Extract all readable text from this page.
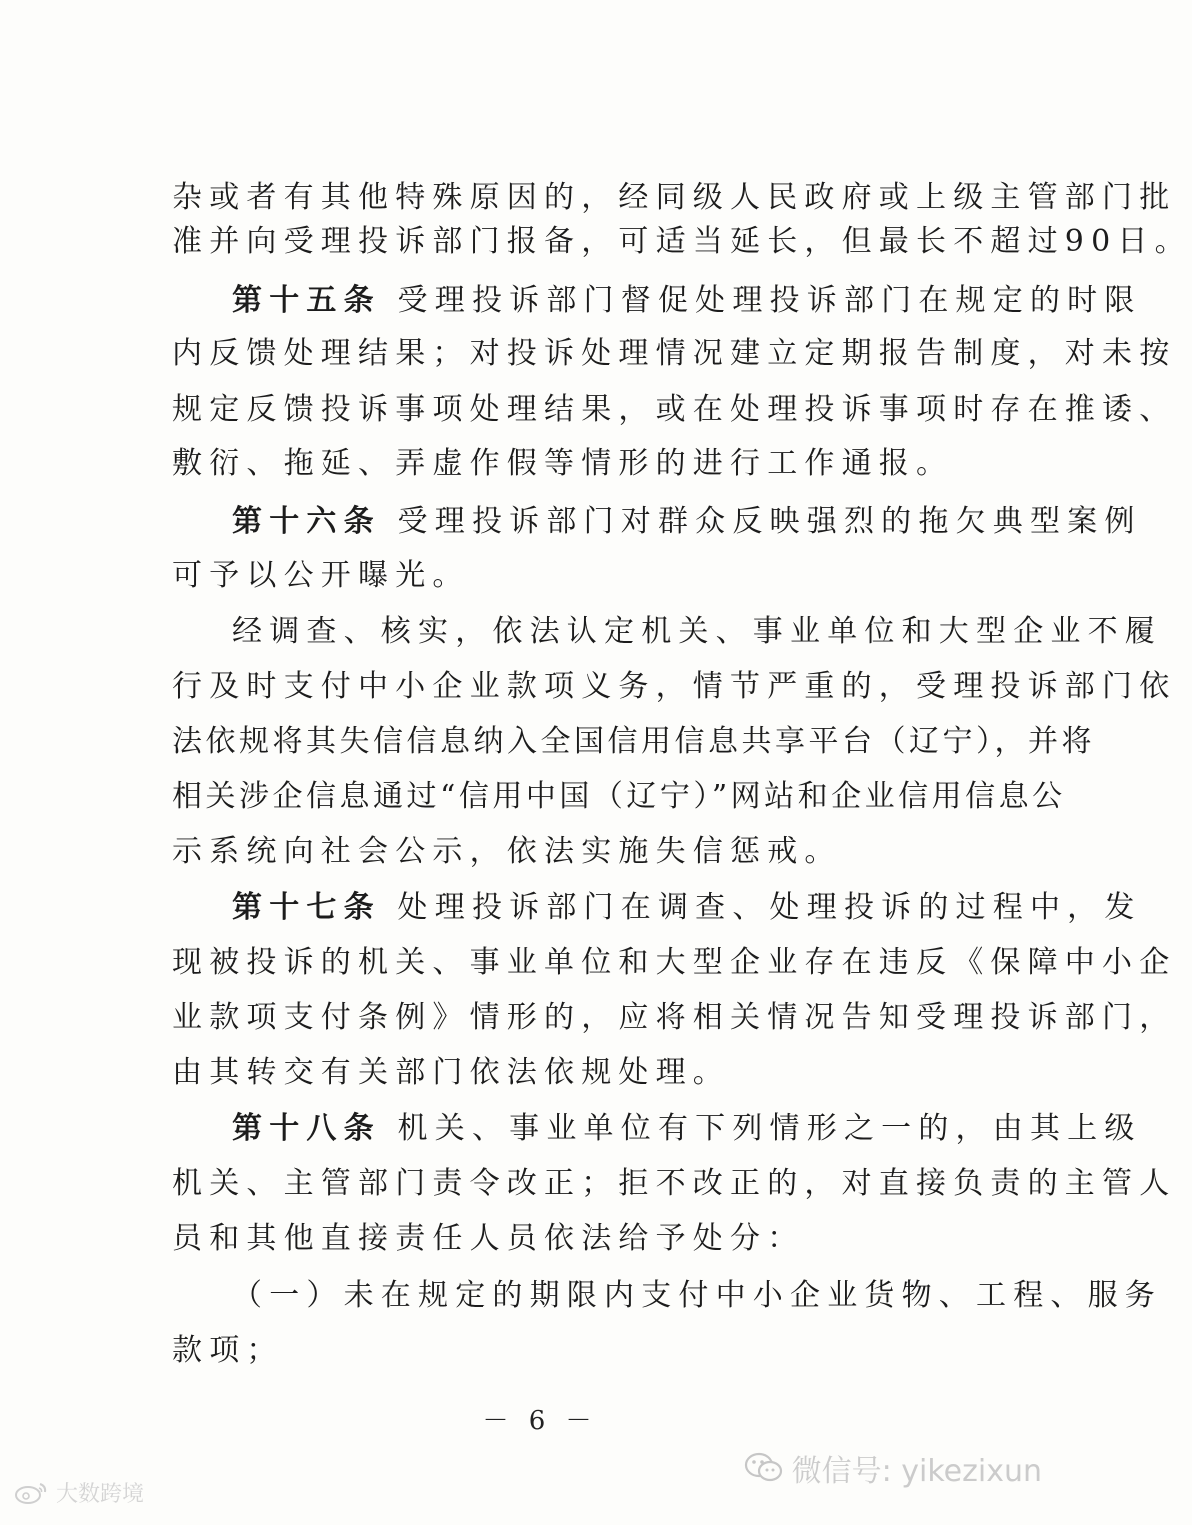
杂或者有其他特殊原因的，经同级人民政府或上级主管部门批
准并向受理投诉部门报备，可适当延长，但最长不超过90日。
第十五条 受理投诉部门督促处理投诉部门在规定的时限
内反馈处理结果；对投诉处理情况建立定期报告制度，对未按
规定反馈投诉事项处理结果，或在处理投诉事项时存在推诿、
敷衍、拖延、弄虚作假等情形的进行工作通报。
第十六条 受理投诉部门对群众反映强烈的拖欠典型案例
可予以公开曝光。
经调查、核实，依法认定机关、事业单位和大型企业不履
行及时支付中小企业款项义务，情节严重的，受理投诉部门依
法依规将其失信信息纳入全国信用信息共享平台（辽宁），并将
相关涉企信息通过“信用中国（辽宁）”网站和企业信用信息公
示系统向社会公示，依法实施失信惩戒。
第十七条 处理投诉部门在调查、处理投诉的过程中，发
现被投诉的机关、事业单位和大型企业存在违反《保障中小企
业款项支付条例》情形的，应将相关情况告知受理投诉部门，
由其转交有关部门依法依规处理。
第十八条 机关、事业单位有下列情形之一的，由其上级
机关、主管部门责令改正；拒不改正的，对直接负责的主管人
员和其他直接责任人员依法给予处分：
（一）未在规定的期限内支付中小企业货物、工程、服务
款项；
－ 6 －
微信号: yikezixun
大数跨境
